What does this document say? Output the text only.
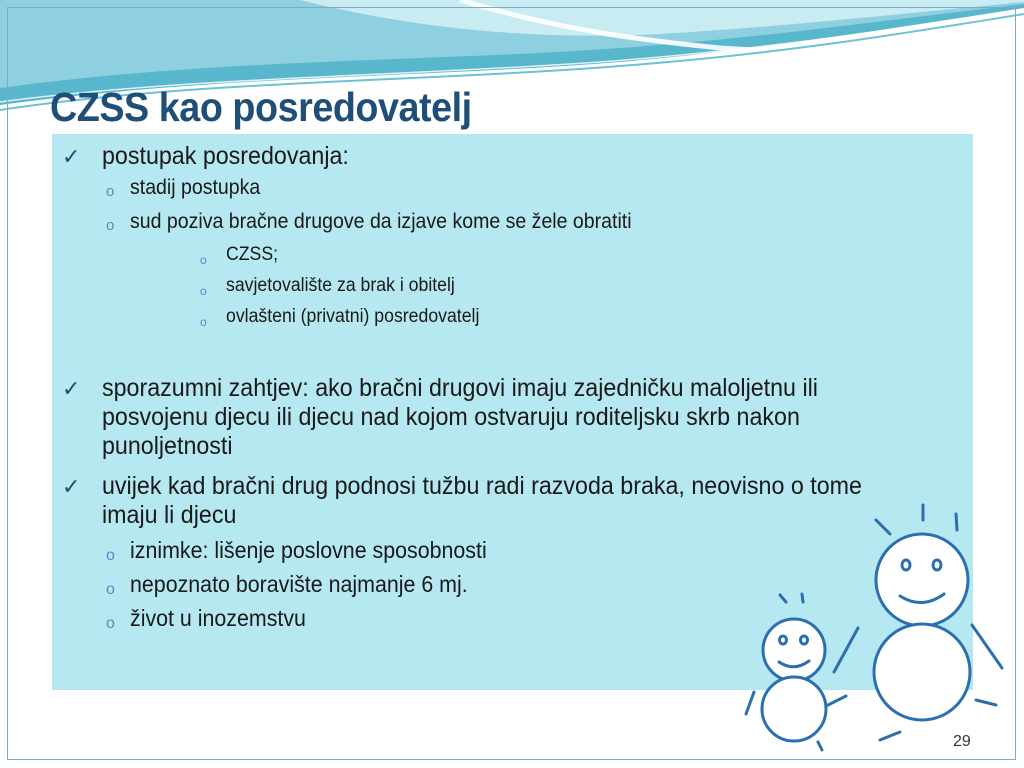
CZSS kao posredovatelj
✓ postupak posredovanja:
o stadij postupka
o sud poziva bračne drugove da izjave kome se žele obratiti
o CZSS;
o savjetovalište za brak i obitelj
o ovlašteni (privatni) posredovatelj
✓ sporazumni zahtjev: ako bračni drugovi imaju zajedničku maloljetnu ili
posvojenu djecu ili djecu nad kojom ostvaruju roditeljsku skrb nakon
punoljetnosti
✓ uvijek kad bračni drug podnosi tužbu radi razvoda braka, neovisno o tome
imaju li djecu
o iznimke: lišenje poslovne sposobnosti
o nepoznato boravište najmanje 6 mj.
o život u inozemstvu
29
